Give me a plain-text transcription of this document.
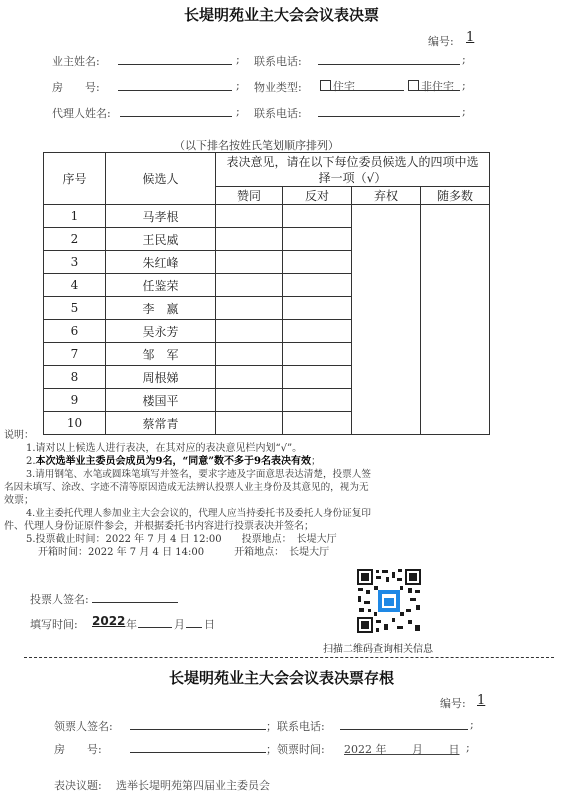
长堤明苑业主大会会议表决票
编号: 1
业主姓名:	; 联系电话:	;
房　　号:	; 物业类型:	住宅	非住宅 ;
代理人姓名:	; 联系电话:	;
（以下排名按姓氏笔划顺序排列）
序号	候选人	表决意见，请在以下每位委员候选人的四项中选择一项（√）			
		赞同	反对	弃权	随多数
1	马孝根				
2	王民威				
3	朱红峰				
4	任鉴荣				
5	李　嬴				
6	吴永芳				
7	邹　军				
8	周根娣				
9	楼国平				
10	蔡常青				
说明：
1.请对以上候选人进行表决，在其对应的表决意见栏内划“√”。
2.本次选举业主委员会成员为9名，“同意”数不多于9名表决有效；
3.请用钢笔、水笔或圆珠笔填写并签名，要求字迹及字面意思表达清楚，投票人签
名因未填写、涂改、字迹不清等原因造成无法辨认投票人业主身份及其意见的，视为无
效票；
4.业主委托代理人参加业主大会会议的，代理人应当持委托书及委托人身份证复印
件、代理人身份证原件参会，并根据委托书内容进行投票表决并签名；
5.投票截止时间：2022 年 7 月 4 日 12:00　　投票地点：　长堤大厅
开箱时间：2022 年 7 月 4 日 14:00　　　开箱地点：　长堤大厅
投票人签名:
填写时间: 2022 年	月 日
扫描二维码查询相关信息
长堤明苑业主大会会议表决票存根
编号: 1
领票人签名:	；联系电话:	;
房　　号:	；领票时间: 2022 年　　 月　　 日 ;
表决议题: 选举长堤明苑第四届业主委员会
